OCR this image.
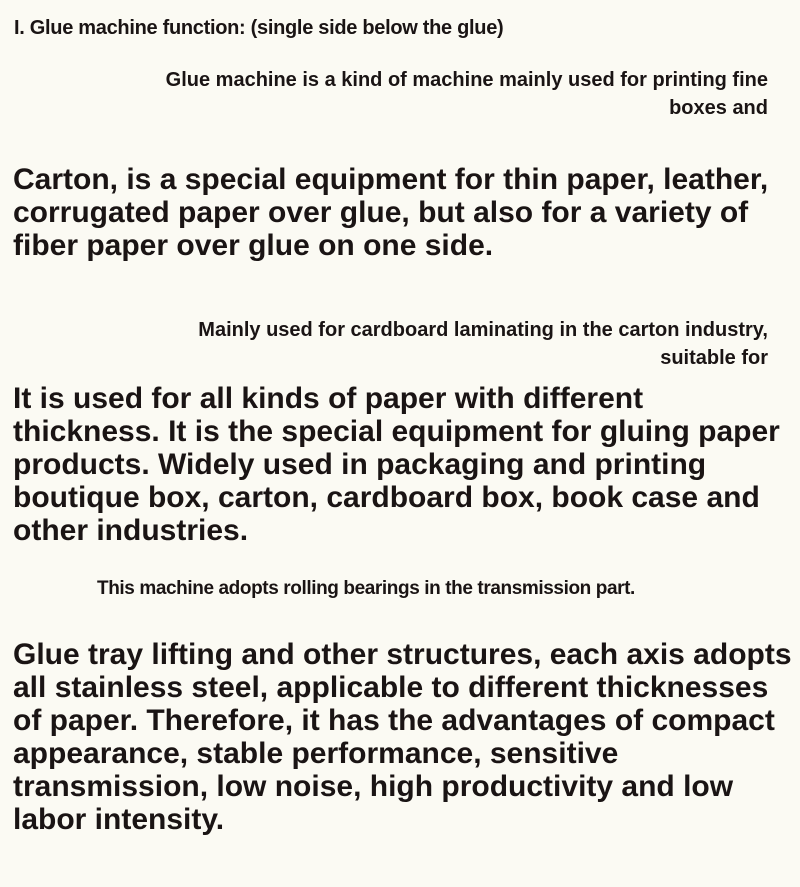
I. Glue machine function: (single side below the glue)

Glue machine is a kind of machine mainly used for printing fine boxes and

Carton, is a special equipment for thin paper, leather, corrugated paper over glue, but also for a variety of fiber paper over glue on one side.

Mainly used for cardboard laminating in the carton industry, suitable for

It is used for all kinds of paper with different thickness. It is the special equipment for gluing paper products. Widely used in packaging and printing boutique box, carton, cardboard box, book case and other industries.

This machine adopts rolling bearings in the transmission part.

Glue tray lifting and other structures, each axis adopts all stainless steel, applicable to different thicknesses of paper. Therefore, it has the advantages of compact appearance, stable performance, sensitive transmission, low noise, high productivity and low labor intensity.
